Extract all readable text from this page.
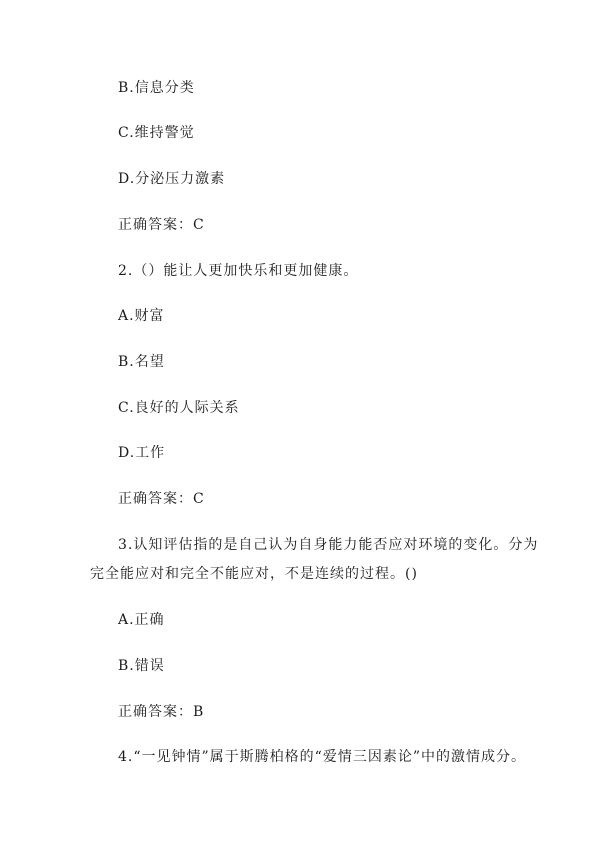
B.信息分类
C.维持警觉
D.分泌压力激素
正确答案：C
2.（）能让人更加快乐和更加健康。
A.财富
B.名望
C.良好的人际关系
D.工作
正确答案：C
3.认知评估指的是自己认为自身能力能否应对环境的变化。分为
完全能应对和完全不能应对，不是连续的过程。()
A.正确
B.错误
正确答案：B
4.“一见钟情”属于斯腾柏格的“爱情三因素论”中的激情成分。
